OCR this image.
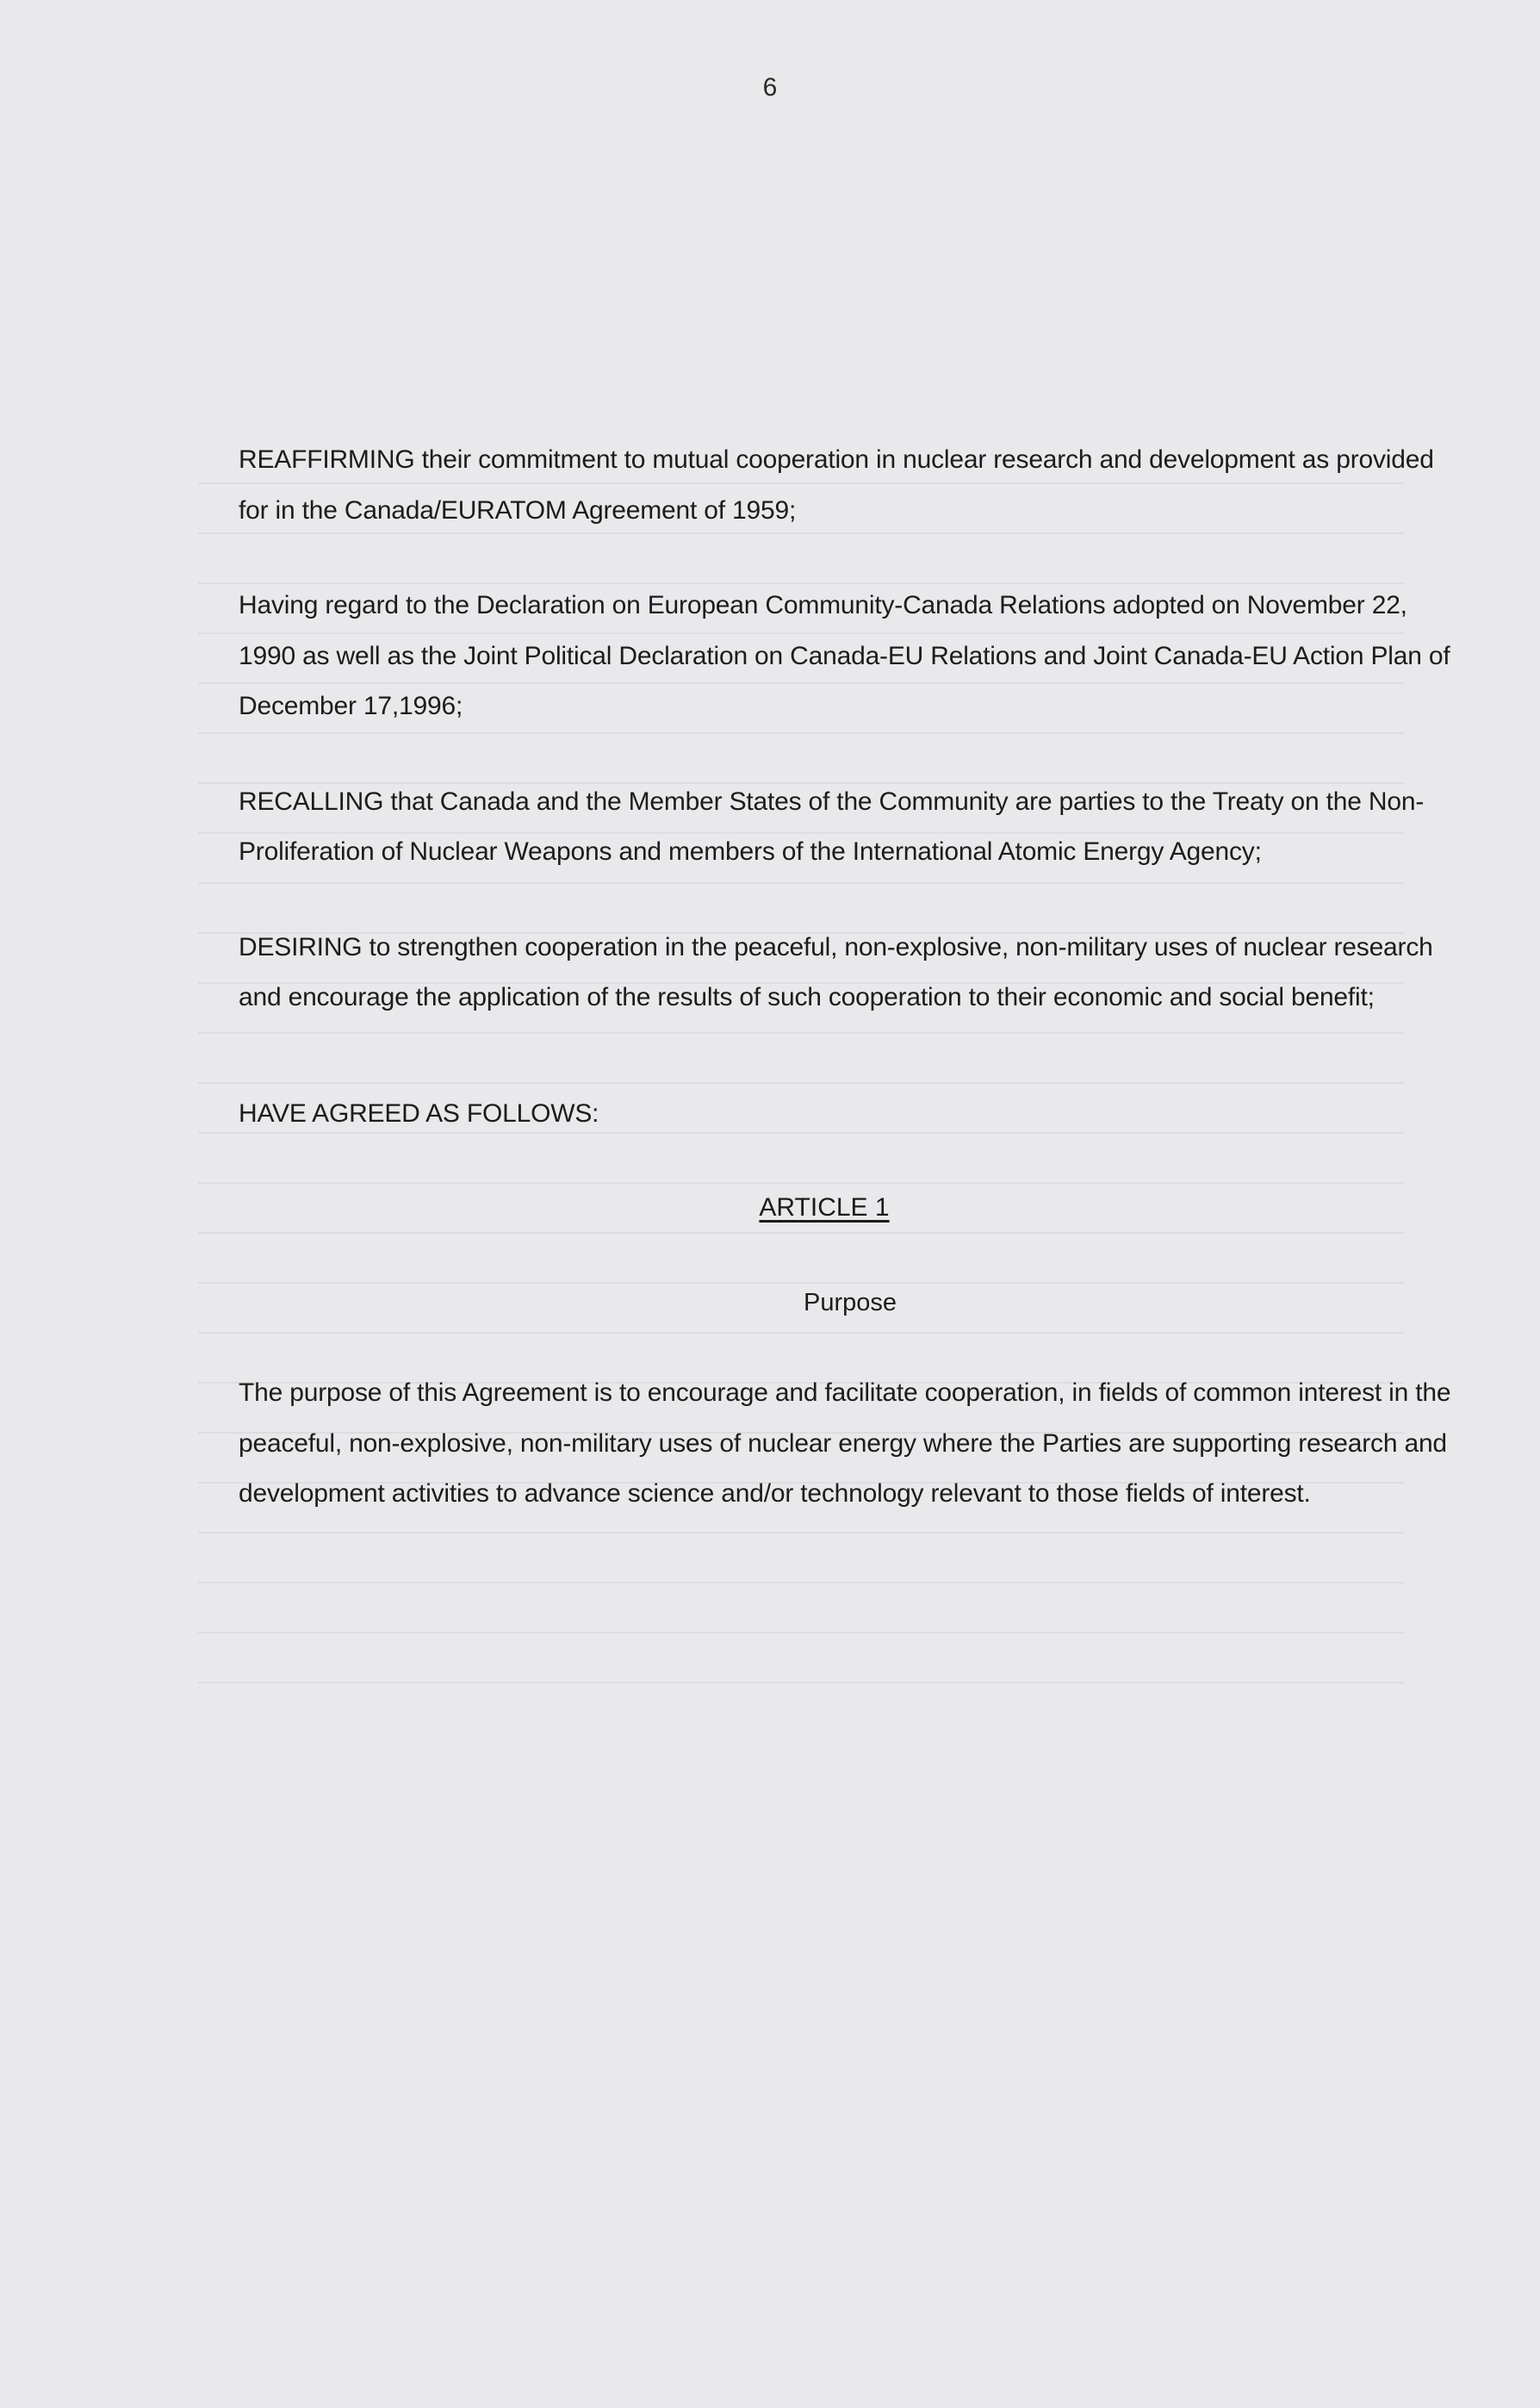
6

REAFFIRMING their commitment to mutual cooperation in nuclear research and development as provided for in the Canada/EURATOM Agreement of 1959;

Having regard to the Declaration on European Community-Canada Relations adopted on November 22, 1990 as well as the Joint Political Declaration on Canada-EU Relations and Joint Canada-EU Action Plan of December 17,1996;

RECALLING that Canada and the Member States of the Community are parties to the Treaty on the Non-Proliferation of Nuclear Weapons and members of the International Atomic Energy Agency;

DESIRING to strengthen cooperation in the peaceful, non-explosive, non-military uses of nuclear research and encourage the application of the results of such cooperation to their economic and social benefit;

HAVE AGREED AS FOLLOWS:

ARTICLE 1
Purpose

The purpose of this Agreement is to encourage and facilitate cooperation, in fields of common interest in the peaceful, non-explosive, non-military uses of nuclear energy where the Parties are supporting research and development activities to advance science and/or technology relevant to those fields of interest.
